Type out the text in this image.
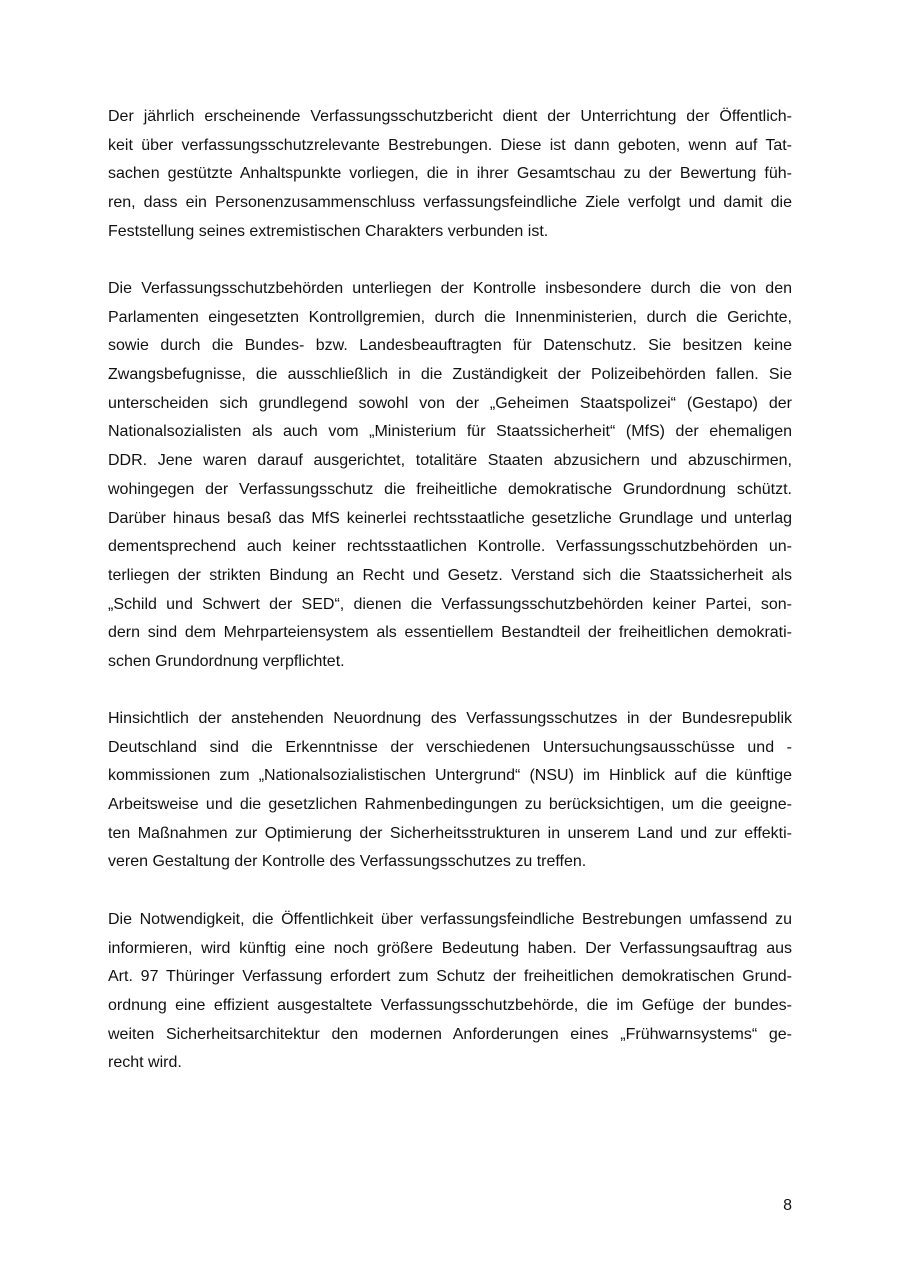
Der jährlich erscheinende Verfassungsschutzbericht dient der Unterrichtung der Öffentlich-
keit über verfassungsschutzrelevante Bestrebungen. Diese ist dann geboten, wenn auf Tat-
sachen gestützte Anhaltspunkte vorliegen, die in ihrer Gesamtschau zu der Bewertung füh-
ren, dass ein Personenzusammenschluss verfassungsfeindliche Ziele verfolgt und damit die
Feststellung seines extremistischen Charakters verbunden ist.
Die Verfassungsschutzbehörden unterliegen der Kontrolle insbesondere durch die von den
Parlamenten eingesetzten Kontrollgremien, durch die Innenministerien, durch die Gerichte,
sowie durch die Bundes- bzw. Landesbeauftragten für Datenschutz. Sie besitzen keine
Zwangsbefugnisse, die ausschließlich in die Zuständigkeit der Polizeibehörden fallen. Sie
unterscheiden sich grundlegend sowohl von der „Geheimen Staatspolizei“ (Gestapo) der
Nationalsozialisten als auch vom „Ministerium für Staatssicherheit“ (MfS) der ehemaligen
DDR. Jene waren darauf ausgerichtet, totalitäre Staaten abzusichern und abzuschirmen,
wohingegen der Verfassungsschutz die freiheitliche demokratische Grundordnung schützt.
Darüber hinaus besaß das MfS keinerlei rechtsstaatliche gesetzliche Grundlage und unterlag
dementsprechend auch keiner rechtsstaatlichen Kontrolle. Verfassungsschutzbehörden un-
terliegen der strikten Bindung an Recht und Gesetz. Verstand sich die Staatssicherheit als
„Schild und Schwert der SED“, dienen die Verfassungsschutzbehörden keiner Partei, son-
dern sind dem Mehrparteiensystem als essentiellem Bestandteil der freiheitlichen demokrati-
schen Grundordnung verpflichtet.
Hinsichtlich der anstehenden Neuordnung des Verfassungsschutzes in der Bundesrepublik
Deutschland sind die Erkenntnisse der verschiedenen Untersuchungsausschüsse und -
kommissionen zum „Nationalsozialistischen Untergrund“ (NSU) im Hinblick auf die künftige
Arbeitsweise und die gesetzlichen Rahmenbedingungen zu berücksichtigen, um die geeigne-
ten Maßnahmen zur Optimierung der Sicherheitsstrukturen in unserem Land und zur effekti-
veren Gestaltung der Kontrolle des Verfassungsschutzes zu treffen.
Die Notwendigkeit, die Öffentlichkeit über verfassungsfeindliche Bestrebungen umfassend zu
informieren, wird künftig eine noch größere Bedeutung haben. Der Verfassungsauftrag aus
Art. 97 Thüringer Verfassung erfordert zum Schutz der freiheitlichen demokratischen Grund-
ordnung eine effizient ausgestaltete Verfassungsschutzbehörde, die im Gefüge der bundes-
weiten Sicherheitsarchitektur den modernen Anforderungen eines „Frühwarnsystems“ ge-
recht wird.
8
